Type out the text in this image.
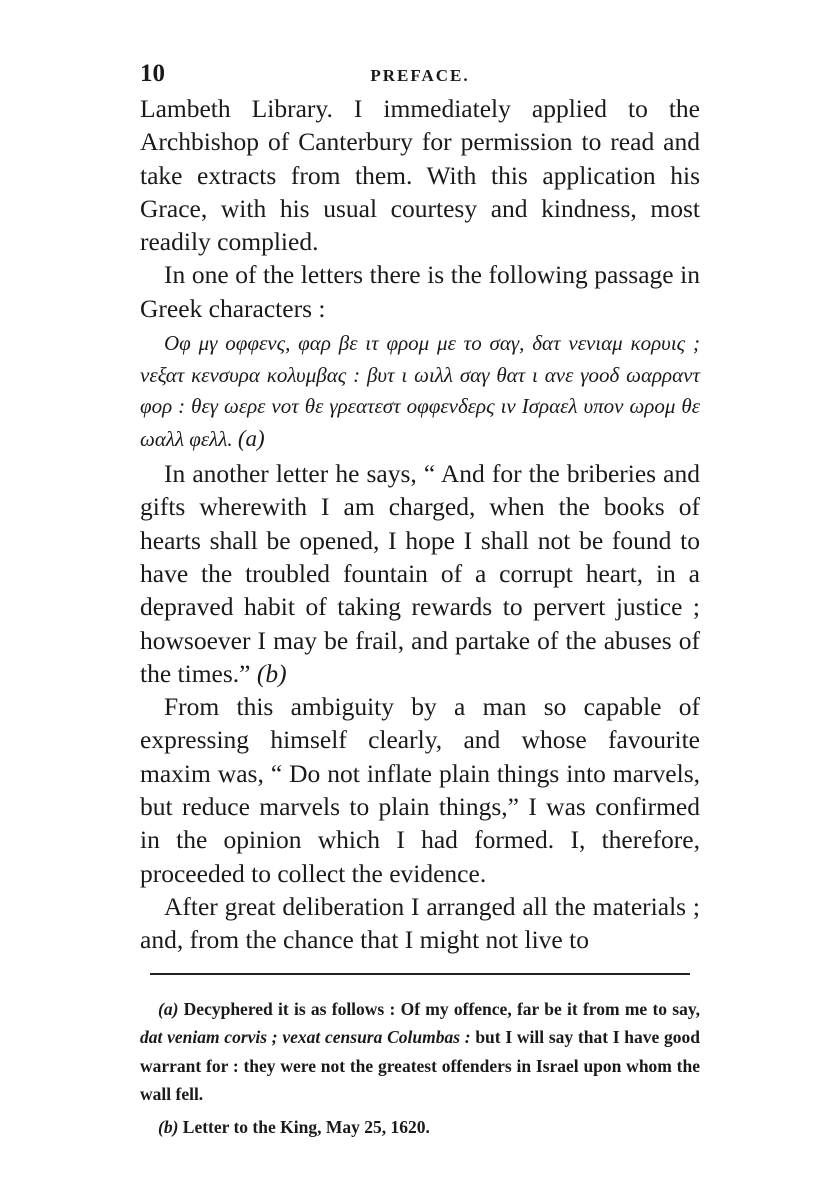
10	PREFACE.

Lambeth Library. I immediately applied to the Archbishop of Canterbury for permission to read and take extracts from them. With this application his Grace, with his usual courtesy and kindness, most readily complied.

In one of the letters there is the following passage in Greek characters :

Οφ μγ οφφενς, φαρ βε ιτ φρομ με το σαγ, δατ νενιαμ κορυις ; νεξατ κενσυρα κολυμβας : βυτ ι ωιλλ σαγ θατ ι ανε γοοδ ωαρραντ φορ : θεγ ωερε νοτ θε γρεατεστ οφφενδερς ιν Ισραελ υπον ωρομ θε ωαλλ φελλ. (a)

In another letter he says, “ And for the briberies and gifts wherewith I am charged, when the books of hearts shall be opened, I hope I shall not be found to have the troubled fountain of a corrupt heart, in a depraved habit of taking rewards to pervert justice ; howsoever I may be frail, and partake of the abuses of the times.” (b)

From this ambiguity by a man so capable of expressing himself clearly, and whose favourite maxim was, “ Do not inflate plain things into marvels, but reduce marvels to plain things,” I was confirmed in the opinion which I had formed. I, therefore, proceeded to collect the evidence.

After great deliberation I arranged all the materials ; and, from the chance that I might not live to

(a) Decyphered it is as follows : Of my offence, far be it from me to say, dat veniam corvis ; vexat censura Columbas : but I will say that I have good warrant for : they were not the greatest offenders in Israel upon whom the wall fell.

(b) Letter to the King, May 25, 1620.
